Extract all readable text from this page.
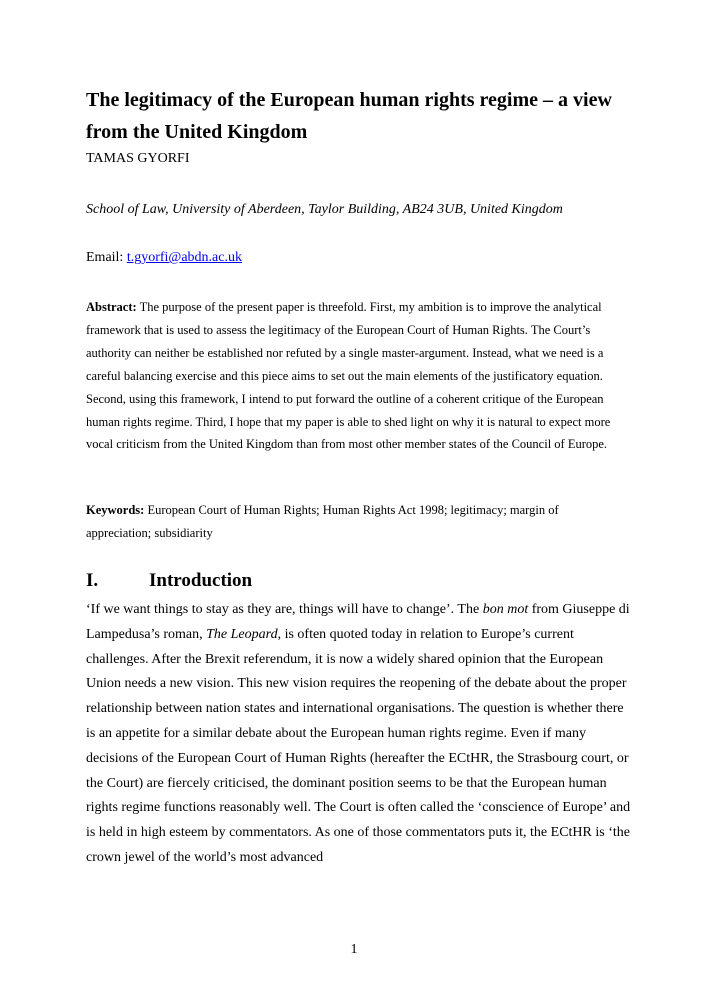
The legitimacy of the European human rights regime – a view from the United Kingdom

TAMAS GYORFI

School of Law, University of Aberdeen, Taylor Building, AB24 3UB, United Kingdom

Email: t.gyorfi@abdn.ac.uk

Abstract: The purpose of the present paper is threefold. First, my ambition is to improve the analytical framework that is used to assess the legitimacy of the European Court of Human Rights. The Court’s authority can neither be established nor refuted by a single master-argument. Instead, what we need is a careful balancing exercise and this piece aims to set out the main elements of the justificatory equation. Second, using this framework, I intend to put forward the outline of a coherent critique of the European human rights regime. Third, I hope that my paper is able to shed light on why it is natural to expect more vocal criticism from the United Kingdom than from most other member states of the Council of Europe.

Keywords: European Court of Human Rights; Human Rights Act 1998; legitimacy; margin of appreciation; subsidiarity

I.	Introduction

‘If we want things to stay as they are, things will have to change’. The bon mot from Giuseppe di Lampedusa’s roman, The Leopard, is often quoted today in relation to Europe’s current challenges. After the Brexit referendum, it is now a widely shared opinion that the European Union needs a new vision. This new vision requires the reopening of the debate about the proper relationship between nation states and international organisations. The question is whether there is an appetite for a similar debate about the European human rights regime. Even if many decisions of the European Court of Human Rights (hereafter the ECtHR, the Strasbourg court, or the Court) are fiercely criticised, the dominant position seems to be that the European human rights regime functions reasonably well. The Court is often called the ‘conscience of Europe’ and is held in high esteem by commentators. As one of those commentators puts it, the ECtHR is ‘the crown jewel of the world’s most advanced

1
